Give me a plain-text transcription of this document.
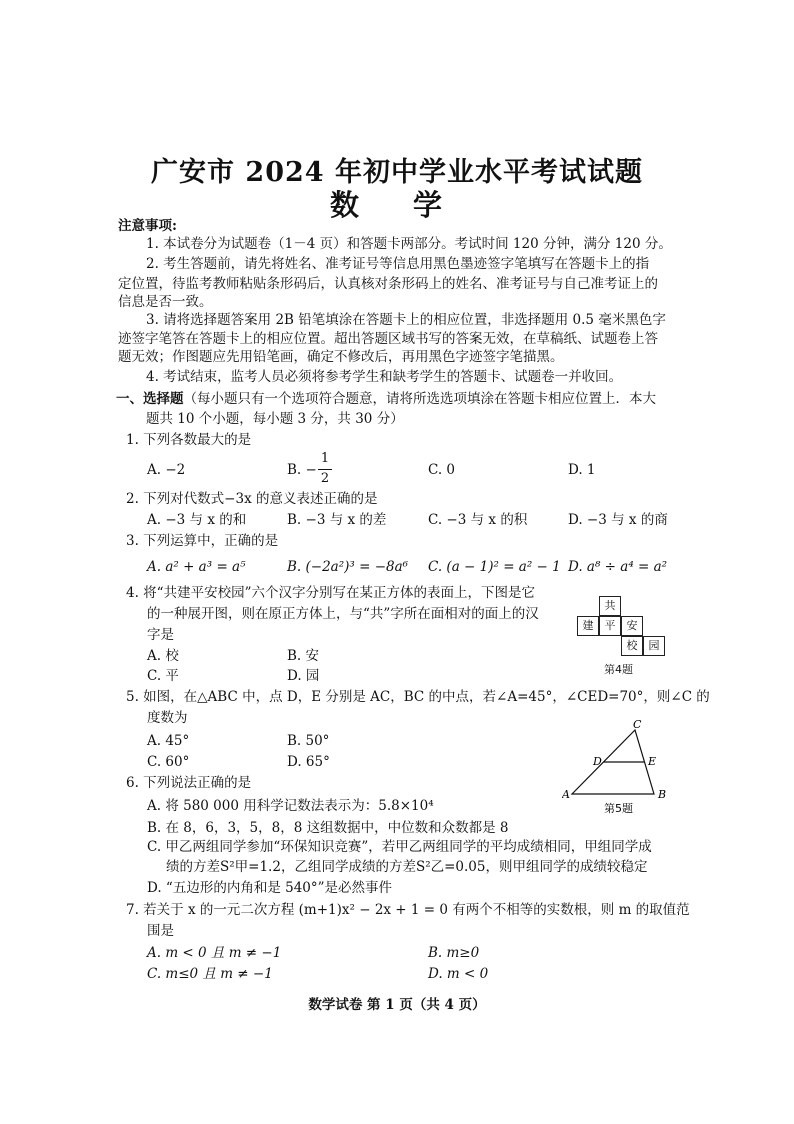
广安市 2024 年初中学业水平考试试题
数 学
注意事项:
1. 本试卷分为试题卷（1－4 页）和答题卡两部分。考试时间 120 分钟，满分 120 分。
2. 考生答题前，请先将姓名、准考证号等信息用黑色墨迹签字笔填写在答题卡上的指
定位置，待监考教师粘贴条形码后，认真核对条形码上的姓名、准考证号与自己准考证上的
信息是否一致。
3. 请将选择题答案用 2B 铅笔填涂在答题卡上的相应位置，非选择题用 0.5 毫米黑色字
迹签字笔答在答题卡上的相应位置。超出答题区域书写的答案无效，在草稿纸、试题卷上答
题无效；作图题应先用铅笔画，确定不修改后，再用黑色字迹签字笔描黑。
4. 考试结束，监考人员必须将参考学生和缺考学生的答题卡、试题卷一并收回。
一、选择题（每小题只有一个选项符合题意，请将所选选项填涂在答题卡相应位置上．本大
题共 10 个小题，每小题 3 分，共 30 分）
1. 下列各数最大的是
A. −2	B. −
1
2
C. 0	D. 1
2. 下列对代数式−3x 的意义表述正确的是
A. −3 与 x 的和	B. −3 与 x 的差	C. −3 与 x 的积	D. −3 与 x 的商
3. 下列运算中，正确的是
A. a² + a³ = a⁵	B. (−2a²)³ = −8a⁶ C. (a − 1)² = a² − 1 D. a⁸ ÷ a⁴ = a²
4. 将“共建平安校园”六个汉字分别写在某正方体的表面上，下图是它
的一种展开图，则在原正方体上，与“共”字所在面相对的面上的汉
字是
A. 校	B. 安
C. 平	D. 园
共
建	平	安
校	园
第4题
5. 如图，在△ABC 中，点 D，E 分别是 AC，BC 的中点，若∠A=45°，∠CED=70°，则∠C 的
度数为
A. 45°	B. 50°
C. 60°	D. 65°
A	B
C
D	E
第5题
6. 下列说法正确的是
A. 将 580 000 用科学记数法表示为：5.8×10⁴
B. 在 8，6，3，5，8，8 这组数据中，中位数和众数都是 8
C. 甲乙两组同学参加“环保知识竞赛”，若甲乙两组同学的平均成绩相同，甲组同学成
绩的方差S²甲=1.2，乙组同学成绩的方差S²乙=0.05，则甲组同学的成绩较稳定
D. “五边形的内角和是 540°”是必然事件
7. 若关于 x 的一元二次方程 (m+1)x² − 2x + 1 = 0 有两个不相等的实数根，则 m 的取值范
围是
A. m < 0 且 m ≠ −1	B. m≥0
C. m≤0 且 m ≠ −1	D. m < 0
数学试卷 第 1 页（共 4 页）
